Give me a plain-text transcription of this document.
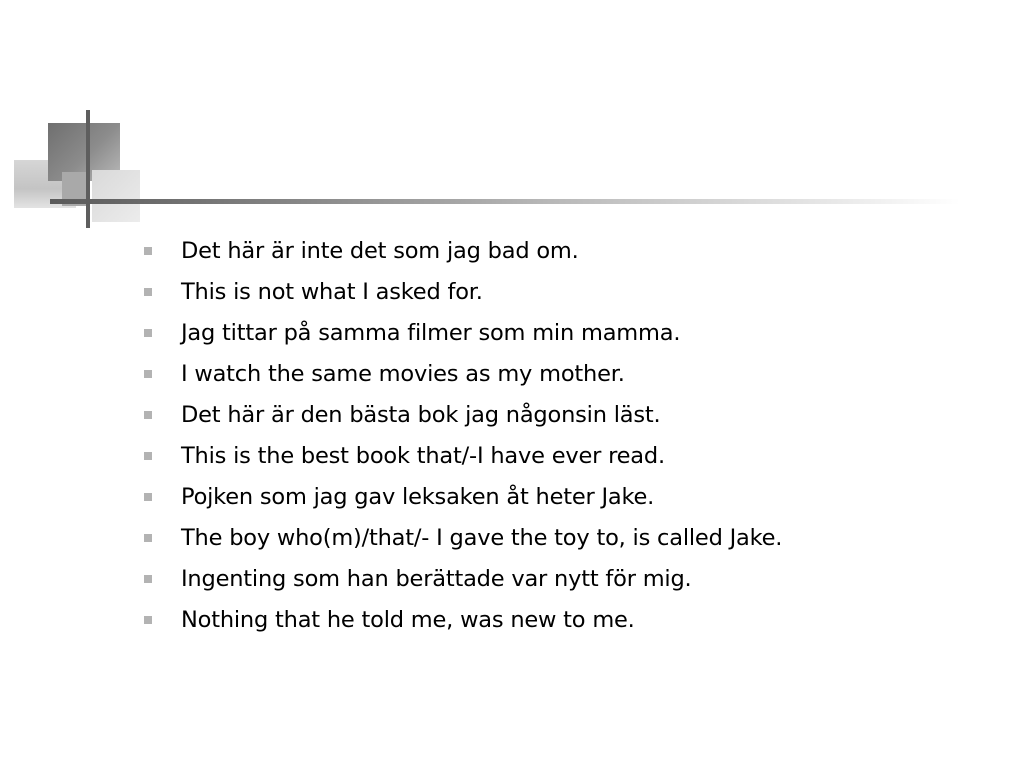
Det här är inte det som jag bad om.
This is not what I asked for.
Jag tittar på samma filmer som min mamma.
I watch the same movies as my mother.
Det här är den bästa bok jag någonsin läst.
This is the best book that/-I have ever read.
Pojken som jag gav leksaken åt heter Jake.
The boy who(m)/that/- I gave the toy to, is called Jake.
Ingenting som han berättade var nytt för mig.
Nothing that he told me, was new to me.
